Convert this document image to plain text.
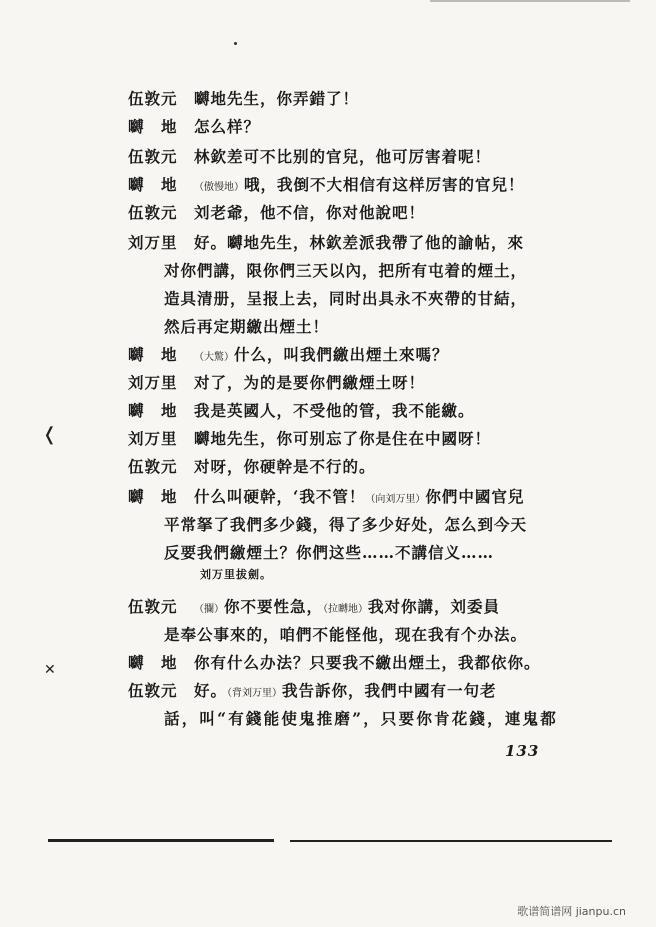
伍敦元 嚩地先生，你弄錯了！
嚩　地 怎么样？
伍敦元 林欽差可不比别的官兒，他可厉害着呢！
嚩　地 （傲慢地）哦，我倒不大相信有这样厉害的官兒！
伍敦元 刘老爺，他不信，你对他說吧！
刘万里 好。嚩地先生，林欽差派我帶了他的諭帖，來
对你們講，限你們三天以內，把所有屯着的煙土，
造具清册，呈报上去，同时出具永不夾帶的甘結，
然后再定期繳出煙土！
嚩　地 （大驚）什么，叫我們繳出煙土來嗎？
刘万里 对了，为的是要你們繳煙土呀！
嚩　地 我是英國人，不受他的管，我不能繳。
刘万里 嚩地先生，你可别忘了你是住在中國呀！
伍敦元 对呀，你硬幹是不行的。
嚩　地 什么叫硬幹，‘我不管！（向刘万里）你們中國官兒
平常拏了我們多少錢，得了多少好处，怎么到今天
反要我們繳煙土？你們这些……不講信义……
刘万里拔劍。
伍敦元 （攔）你不要性急，（拉嚩地）我对你講，刘委員
是奉公事來的，咱們不能怪他，现在我有个办法。
嚩　地 你有什么办法？只要我不繳出煙土，我都依你。
伍敦元 好。（背刘万里）我告訴你，我們中國有一句老
話，叫“有錢能使鬼推磨”，只要你肯花錢，連鬼都
133
❬
✕
歌谱简谱网 jianpu.cn
